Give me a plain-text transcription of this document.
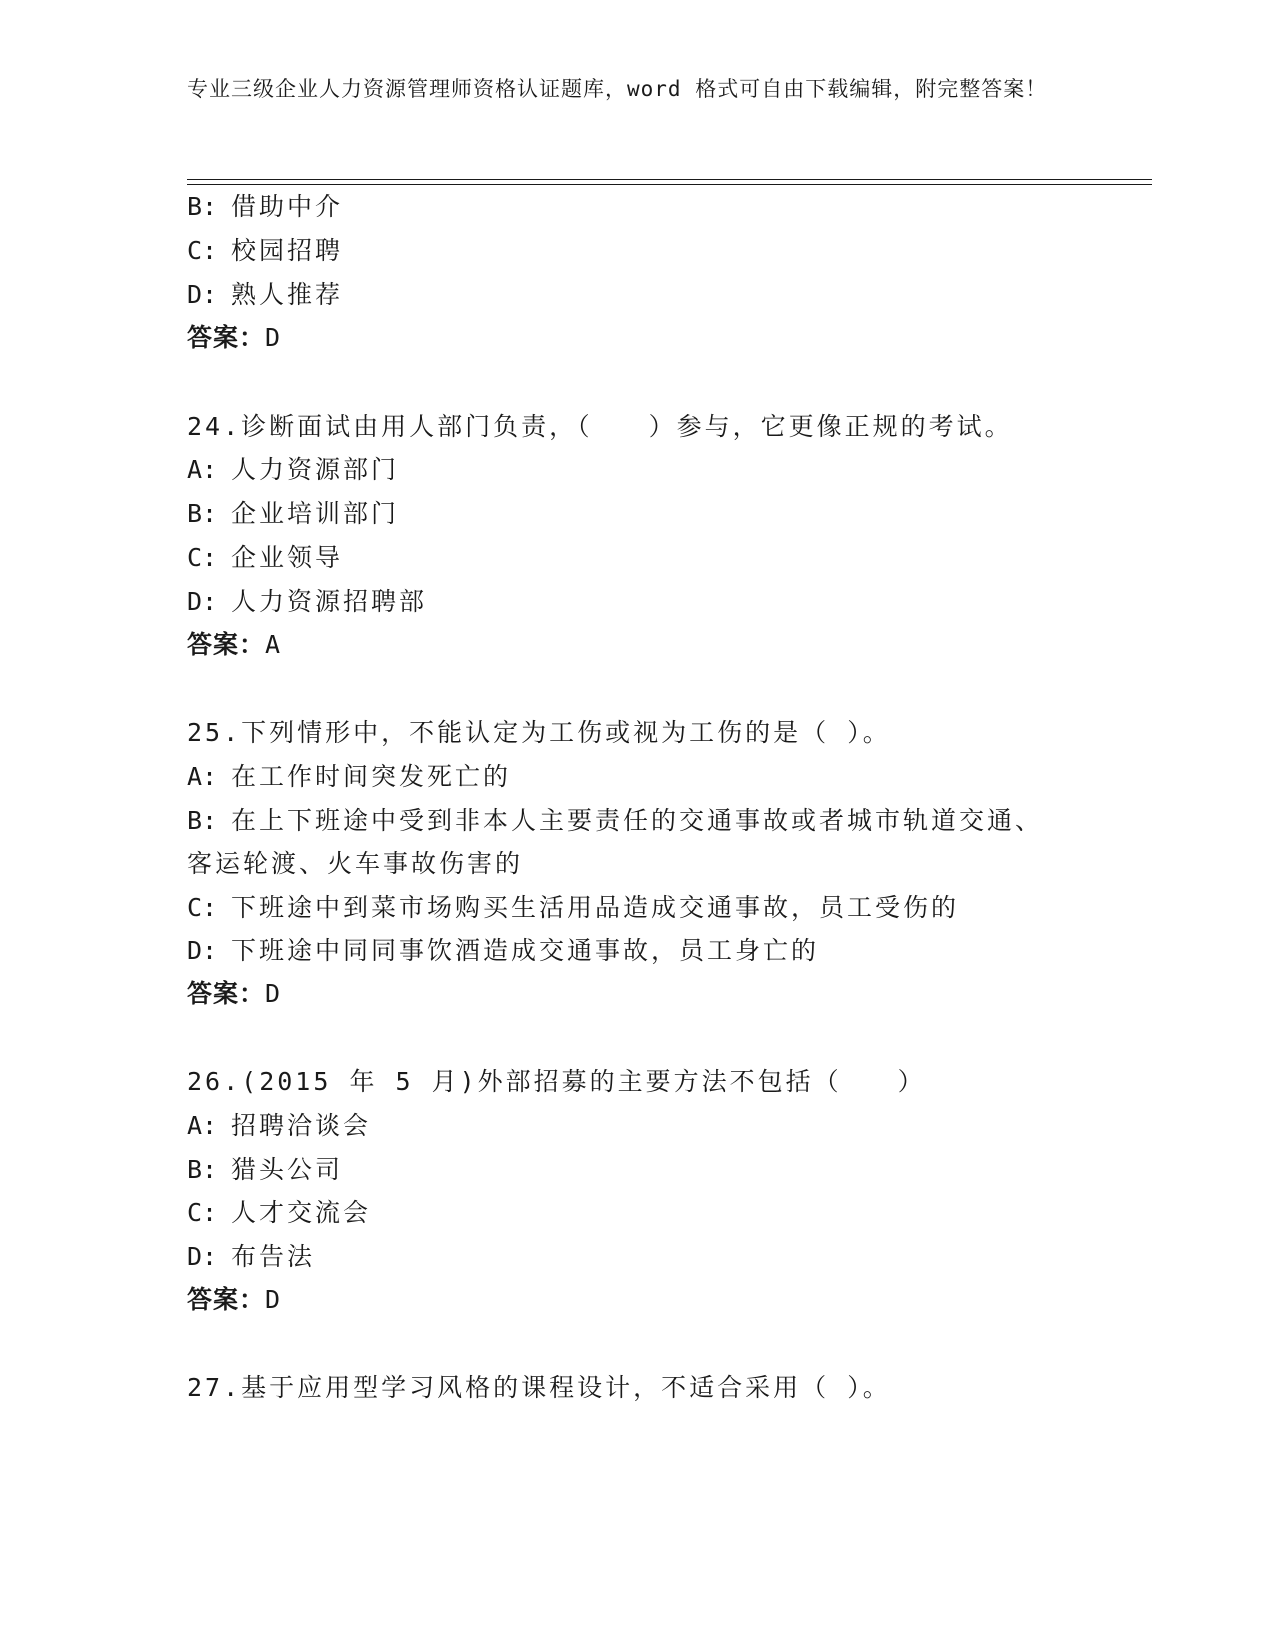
专业三级企业人力资源管理师资格认证题库，word 格式可自由下载编辑，附完整答案！
B: 借助中介
C: 校园招聘
D: 熟人推荐
答案：D
24.诊断面试由用人部门负责，（　　）参与，它更像正规的考试。
A: 人力资源部门
B: 企业培训部门
C: 企业领导
D: 人力资源招聘部
答案：A
25.下列情形中，不能认定为工伤或视为工伤的是（ ）。
A: 在工作时间突发死亡的
B: 在上下班途中受到非本人主要责任的交通事故或者城市轨道交通、
客运轮渡、火车事故伤害的
C: 下班途中到菜市场购买生活用品造成交通事故，员工受伤的
D: 下班途中同同事饮酒造成交通事故，员工身亡的
答案：D
26.(2015 年 5 月)外部招募的主要方法不包括（　　）
A: 招聘洽谈会
B: 猎头公司
C: 人才交流会
D: 布告法
答案：D
27.基于应用型学习风格的课程设计，不适合采用（ ）。
